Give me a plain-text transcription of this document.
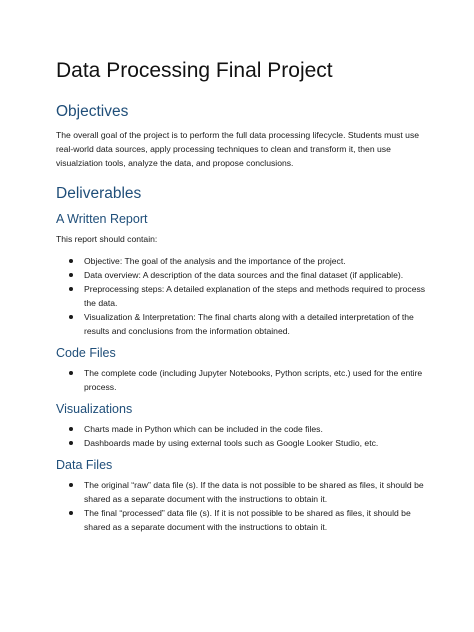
Data Processing Final Project
Objectives

The overall goal of the project is to perform the full data processing lifecycle. Students must use real-world data sources, apply processing techniques to clean and transform it, then use visualziation tools, analyze the data, and propose conclusions.

Deliverables
A Written Report

This report should contain:

Objective: The goal of the analysis and the importance of the project.
Data overview: A description of the data sources and the final dataset (if applicable).
Preprocessing steps: A detailed explanation of the steps and methods required to process the data.
Visualization & Interpretation: The final charts along with a detailed interpretation of the results and conclusions from the information obtained.
Code Files
The complete code (including Jupyter Notebooks, Python scripts, etc.) used for the entire process.
Visualizations
Charts made in Python which can be included in the code files.
Dashboards made by using external tools such as Google Looker Studio, etc.
Data Files
The original “raw” data file (s). If the data is not possible to be shared as files, it should be shared as a separate document with the instructions to obtain it.
The final “processed” data file (s). If it is not possible to be shared as files, it should be shared as a separate document with the instructions to obtain it.
